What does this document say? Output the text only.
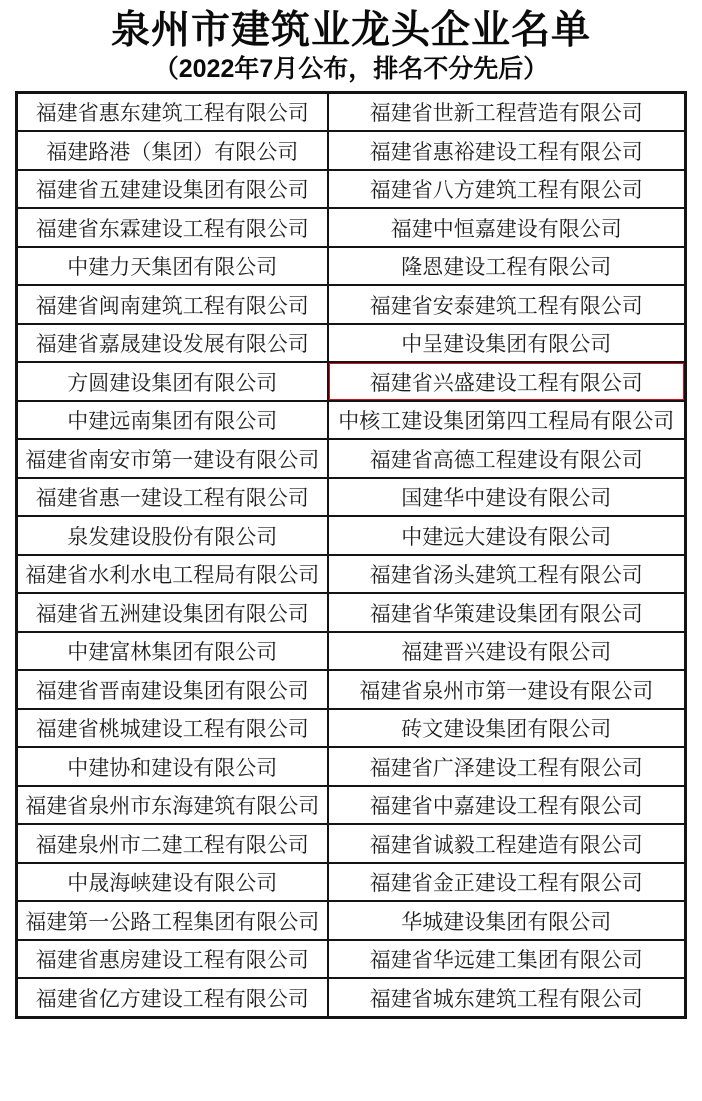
泉州市建筑业龙头企业名单
（2022年7月公布，排名不分先后）
福建省惠东建筑工程有限公司	福建省世新工程营造有限公司
福建路港（集团）有限公司	福建省惠裕建设工程有限公司
福建省五建建设集团有限公司	福建省八方建筑工程有限公司
福建省东霖建设工程有限公司	福建中恒嘉建设有限公司
中建力天集团有限公司	隆恩建设工程有限公司
福建省闽南建筑工程有限公司	福建省安泰建筑工程有限公司
福建省嘉晟建设发展有限公司	中呈建设集团有限公司
方圆建设集团有限公司	福建省兴盛建设工程有限公司
中建远南集团有限公司	中核工建设集团第四工程局有限公司
福建省南安市第一建设有限公司	福建省高德工程建设有限公司
福建省惠一建设工程有限公司	国建华中建设有限公司
泉发建设股份有限公司	中建远大建设有限公司
福建省水利水电工程局有限公司	福建省汤头建筑工程有限公司
福建省五洲建设集团有限公司	福建省华策建设集团有限公司
中建富林集团有限公司	福建晋兴建设有限公司
福建省晋南建设集团有限公司	福建省泉州市第一建设有限公司
福建省桃城建设工程有限公司	砖文建设集团有限公司
中建协和建设有限公司	福建省广泽建设工程有限公司
福建省泉州市东海建筑有限公司	福建省中嘉建设工程有限公司
福建泉州市二建工程有限公司	福建省诚毅工程建造有限公司
中晟海峡建设有限公司	福建省金正建设工程有限公司
福建第一公路工程集团有限公司	华城建设集团有限公司
福建省惠房建设工程有限公司	福建省华远建工集团有限公司
福建省亿方建设工程有限公司	福建省城东建筑工程有限公司
